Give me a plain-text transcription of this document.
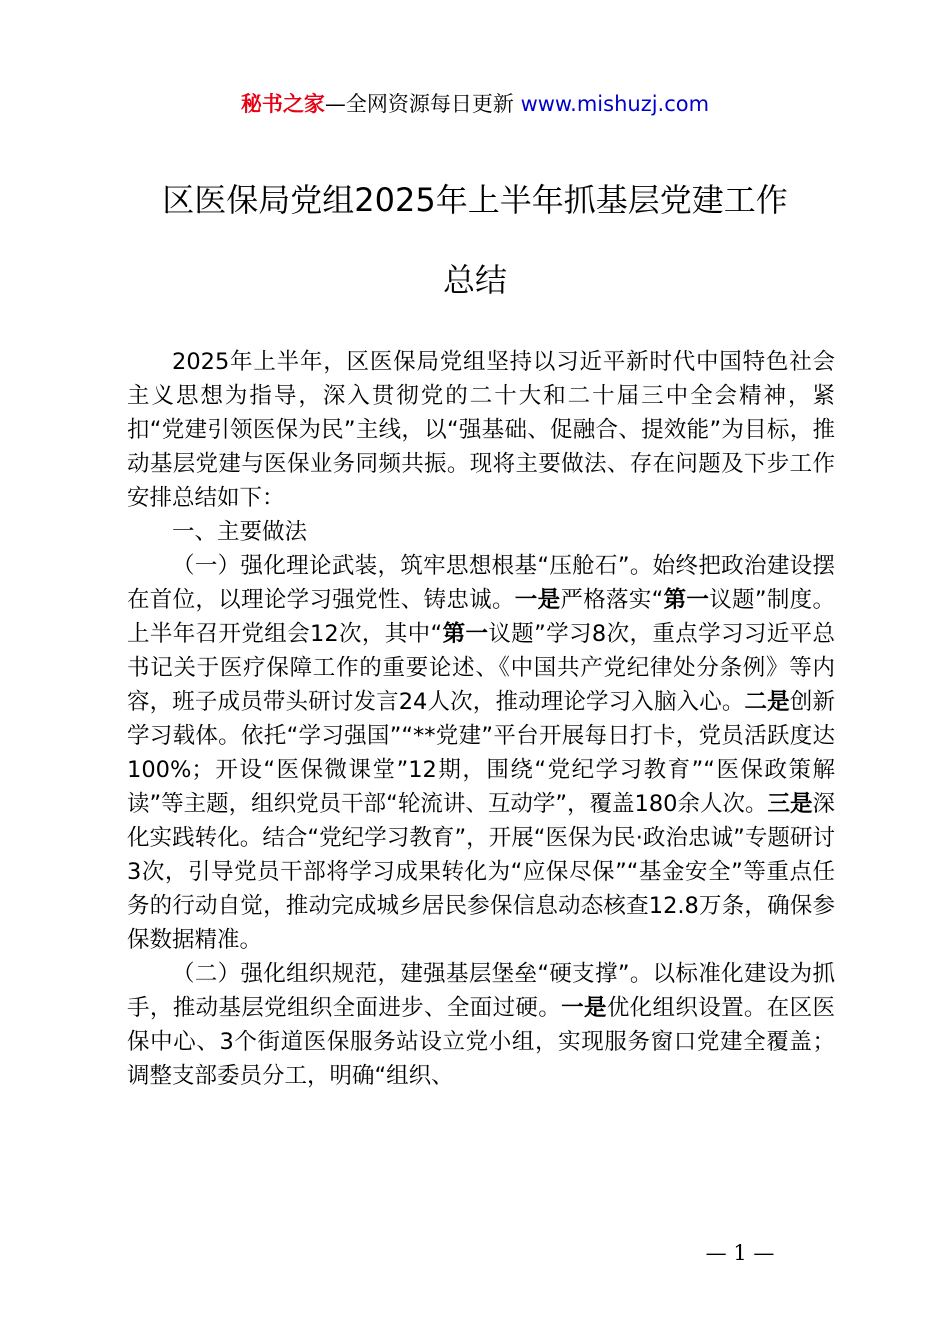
秘书之家—全网资源每日更新 www.mishuzj.com
区医保局党组2025年上半年抓基层党建工作
总结

2025年上半年，区医保局党组坚持以习近平新时代中国特色社会主义思想为指导，深入贯彻党的二十大和二十届三中全会精神，紧扣“党建引领医保为民”主线，以“强基础、促融合、提效能”为目标，推动基层党建与医保业务同频共振。现将主要做法、存在问题及下步工作安排总结如下：

一、主要做法

（一）强化理论武装，筑牢思想根基“压舱石”。始终把政治建设摆在首位，以理论学习强党性、铸忠诚。一是严格落实“第一议题”制度。上半年召开党组会12次，其中“第一议题”学习8次，重点学习习近平总书记关于医疗保障工作的重要论述、《中国共产党纪律处分条例》等内容，班子成员带头研讨发言24人次，推动理论学习入脑入心。二是创新学习载体。依托“学习强国”“**党建”平台开展每日打卡，党员活跃度达100%；开设“医保微课堂”12期，围绕“党纪学习教育”“医保政策解读”等主题，组织党员干部“轮流讲、互动学”，覆盖180余人次。三是深化实践转化。结合“党纪学习教育”，开展“医保为民·政治忠诚”专题研讨3次，引导党员干部将学习成果转化为“应保尽保”“基金安全”等重点任务的行动自觉，推动完成城乡居民参保信息动态核查12.8万条，确保参保数据精准。

（二）强化组织规范，建强基层堡垒“硬支撑”。以标准化建设为抓手，推动基层党组织全面进步、全面过硬。一是优化组织设置。在区医保中心、3个街道医保服务站设立党小组，实现服务窗口党建全覆盖；调整支部委员分工，明确“组织、

— 1 —
